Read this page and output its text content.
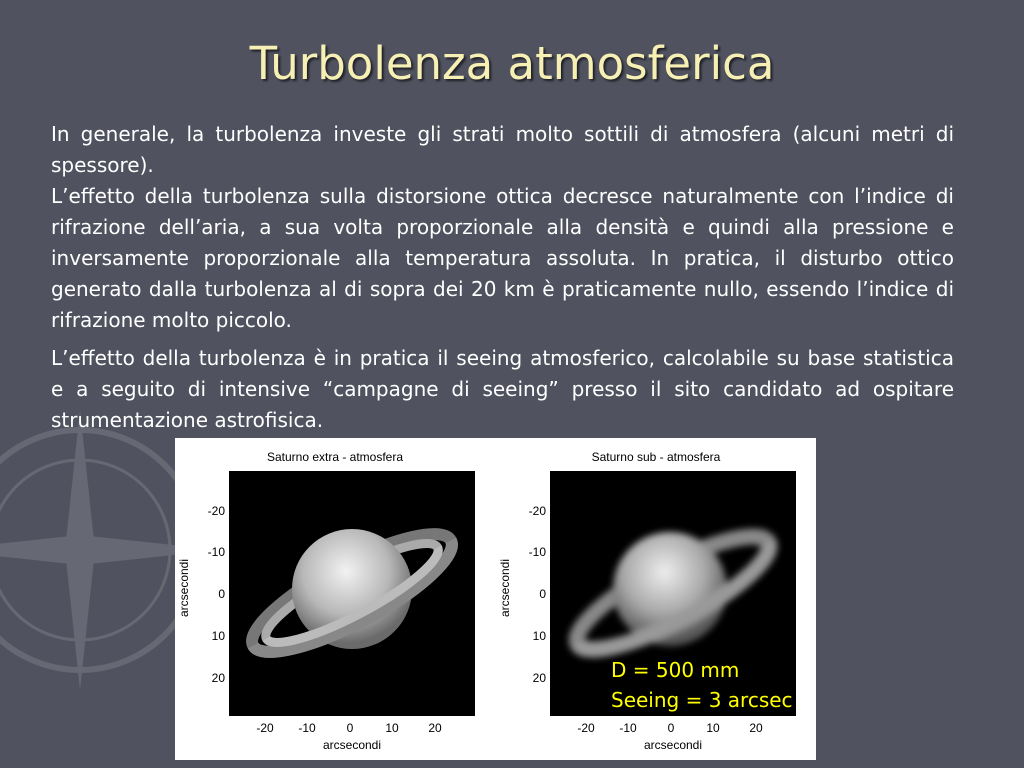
Turbolenza atmosferica

In generale, la turbolenza investe gli strati molto sottili di atmosfera (alcuni metri di spessore).

L’effetto della turbolenza sulla distorsione ottica decresce naturalmente con l’indice di rifrazione dell’aria, a sua volta proporzionale alla densità e quindi alla pressione e inversamente proporzionale alla temperatura assoluta. In pratica, il disturbo ottico generato dalla turbolenza al di sopra dei 20 km è praticamente nullo, essendo l’indice di rifrazione molto piccolo.

L’effetto della turbolenza è in pratica il seeing atmosferico, calcolabile su base statistica e a seguito di intensive “campagne di seeing” presso il sito candidato ad ospitare strumentazione astrofisica.

Saturno extra - atmosfera
-20
-10
0
10
20
arcsecondi
-20	-10	0	10	20
arcsecondi
Saturno sub - atmosfera
-20
-10
0
10
20
arcsecondi
-20	-10	0	10	20
arcsecondi
D = 500 mm
Seeing = 3 arcsec
